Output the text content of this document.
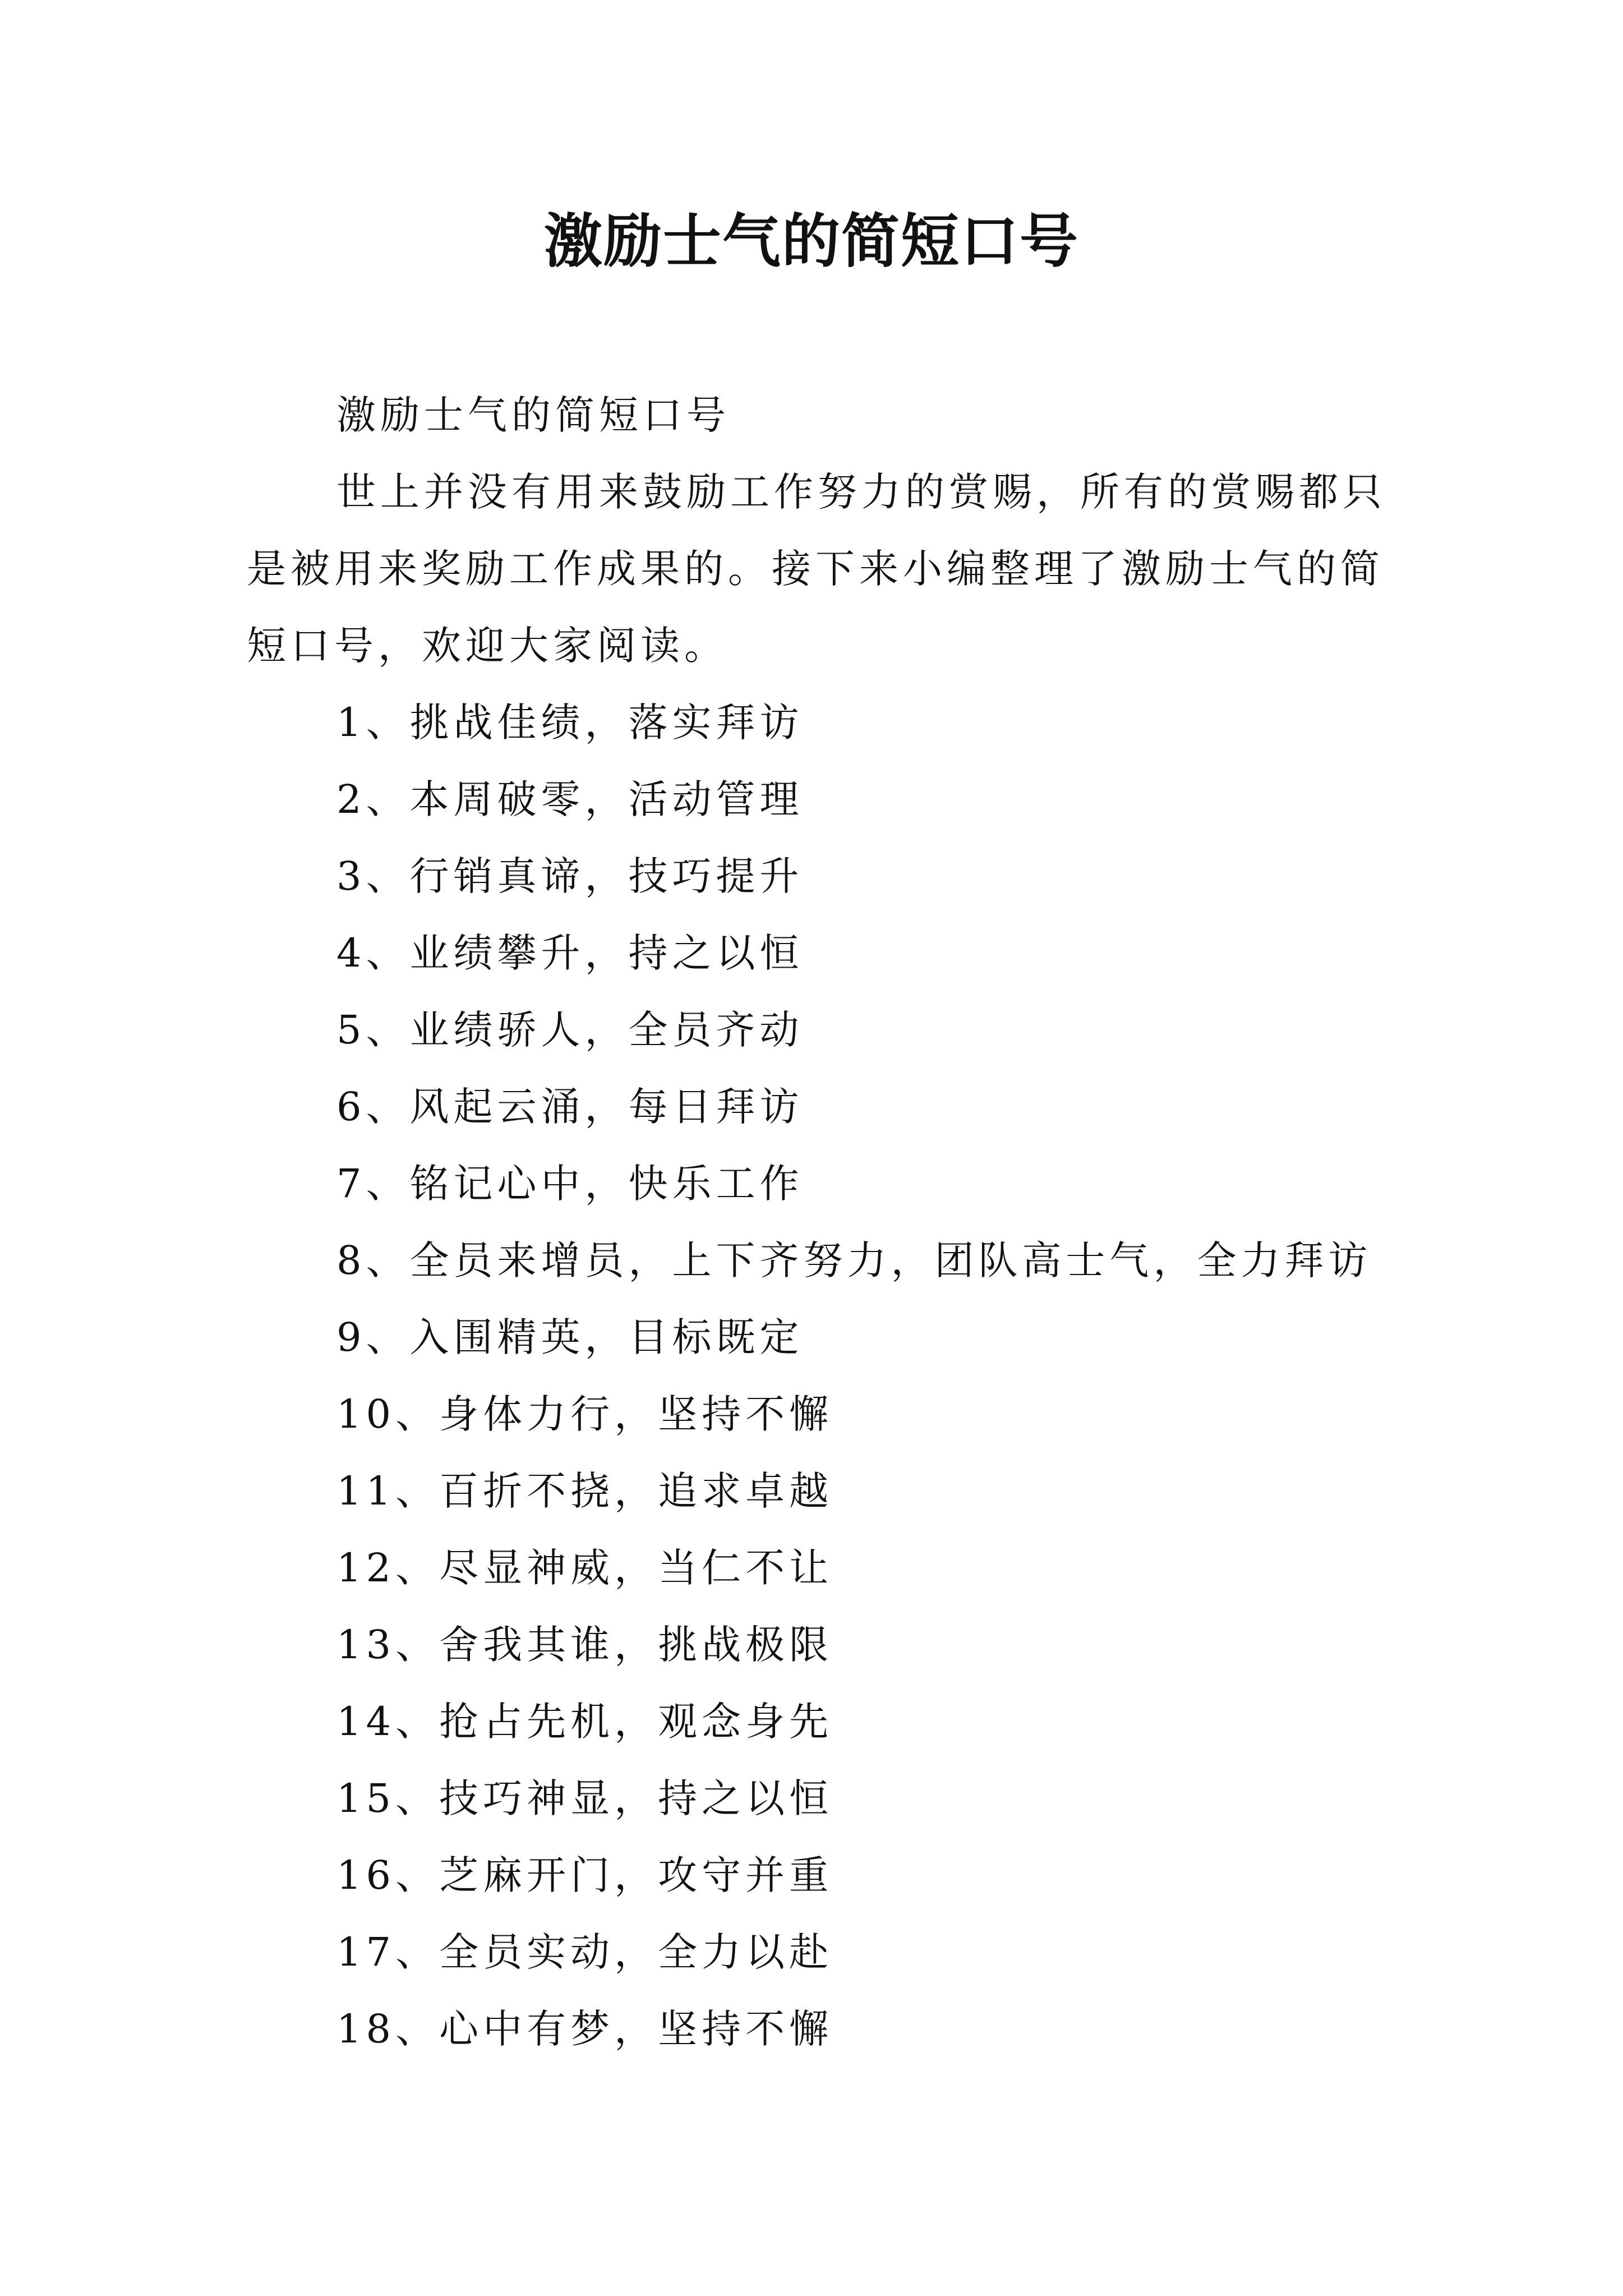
激励士气的简短口号

激励士气的简短口号

世上并没有用来鼓励工作努力的赏赐，所有的赏赐都只是被用来奖励工作成果的。接下来小编整理了激励士气的简短口号，欢迎大家阅读。

1、挑战佳绩，落实拜访

2、本周破零，活动管理

3、行销真谛，技巧提升

4、业绩攀升，持之以恒

5、业绩骄人，全员齐动

6、风起云涌，每日拜访

7、铭记心中，快乐工作

8、全员来增员，上下齐努力，团队高士气，全力拜访

9、入围精英，目标既定

10、身体力行，坚持不懈

11、百折不挠，追求卓越

12、尽显神威，当仁不让

13、舍我其谁，挑战极限

14、抢占先机，观念身先

15、技巧神显，持之以恒

16、芝麻开门，攻守并重

17、全员实动，全力以赴

18、心中有梦，坚持不懈
